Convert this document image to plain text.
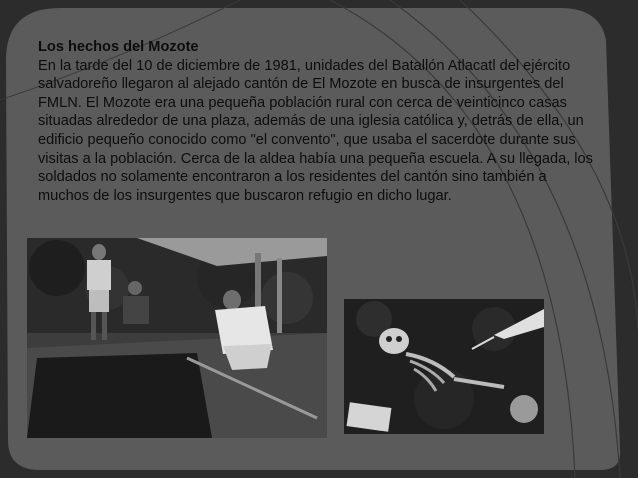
Los hechos del Mozote
En la tarde del 10 de diciembre de 1981, unidades del Batallón Atlacatl del ejército salvadoreño llegaron al alejado cantón de El Mozote en busca de insurgentes del FMLN. El Mozote era una pequeña población rural con cerca de veinticinco casas situadas alrededor de una plaza, además de una iglesia católica y, detrás de ella, un edificio pequeño conocido como "el convento", que usaba el sacerdote durante sus visitas a la población. Cerca de la aldea había una pequeña escuela. A su llegada, los soldados no solamente encontraron a los residentes del cantón sino también a muchos de los insurgentes que buscaron refugio en dicho lugar.
